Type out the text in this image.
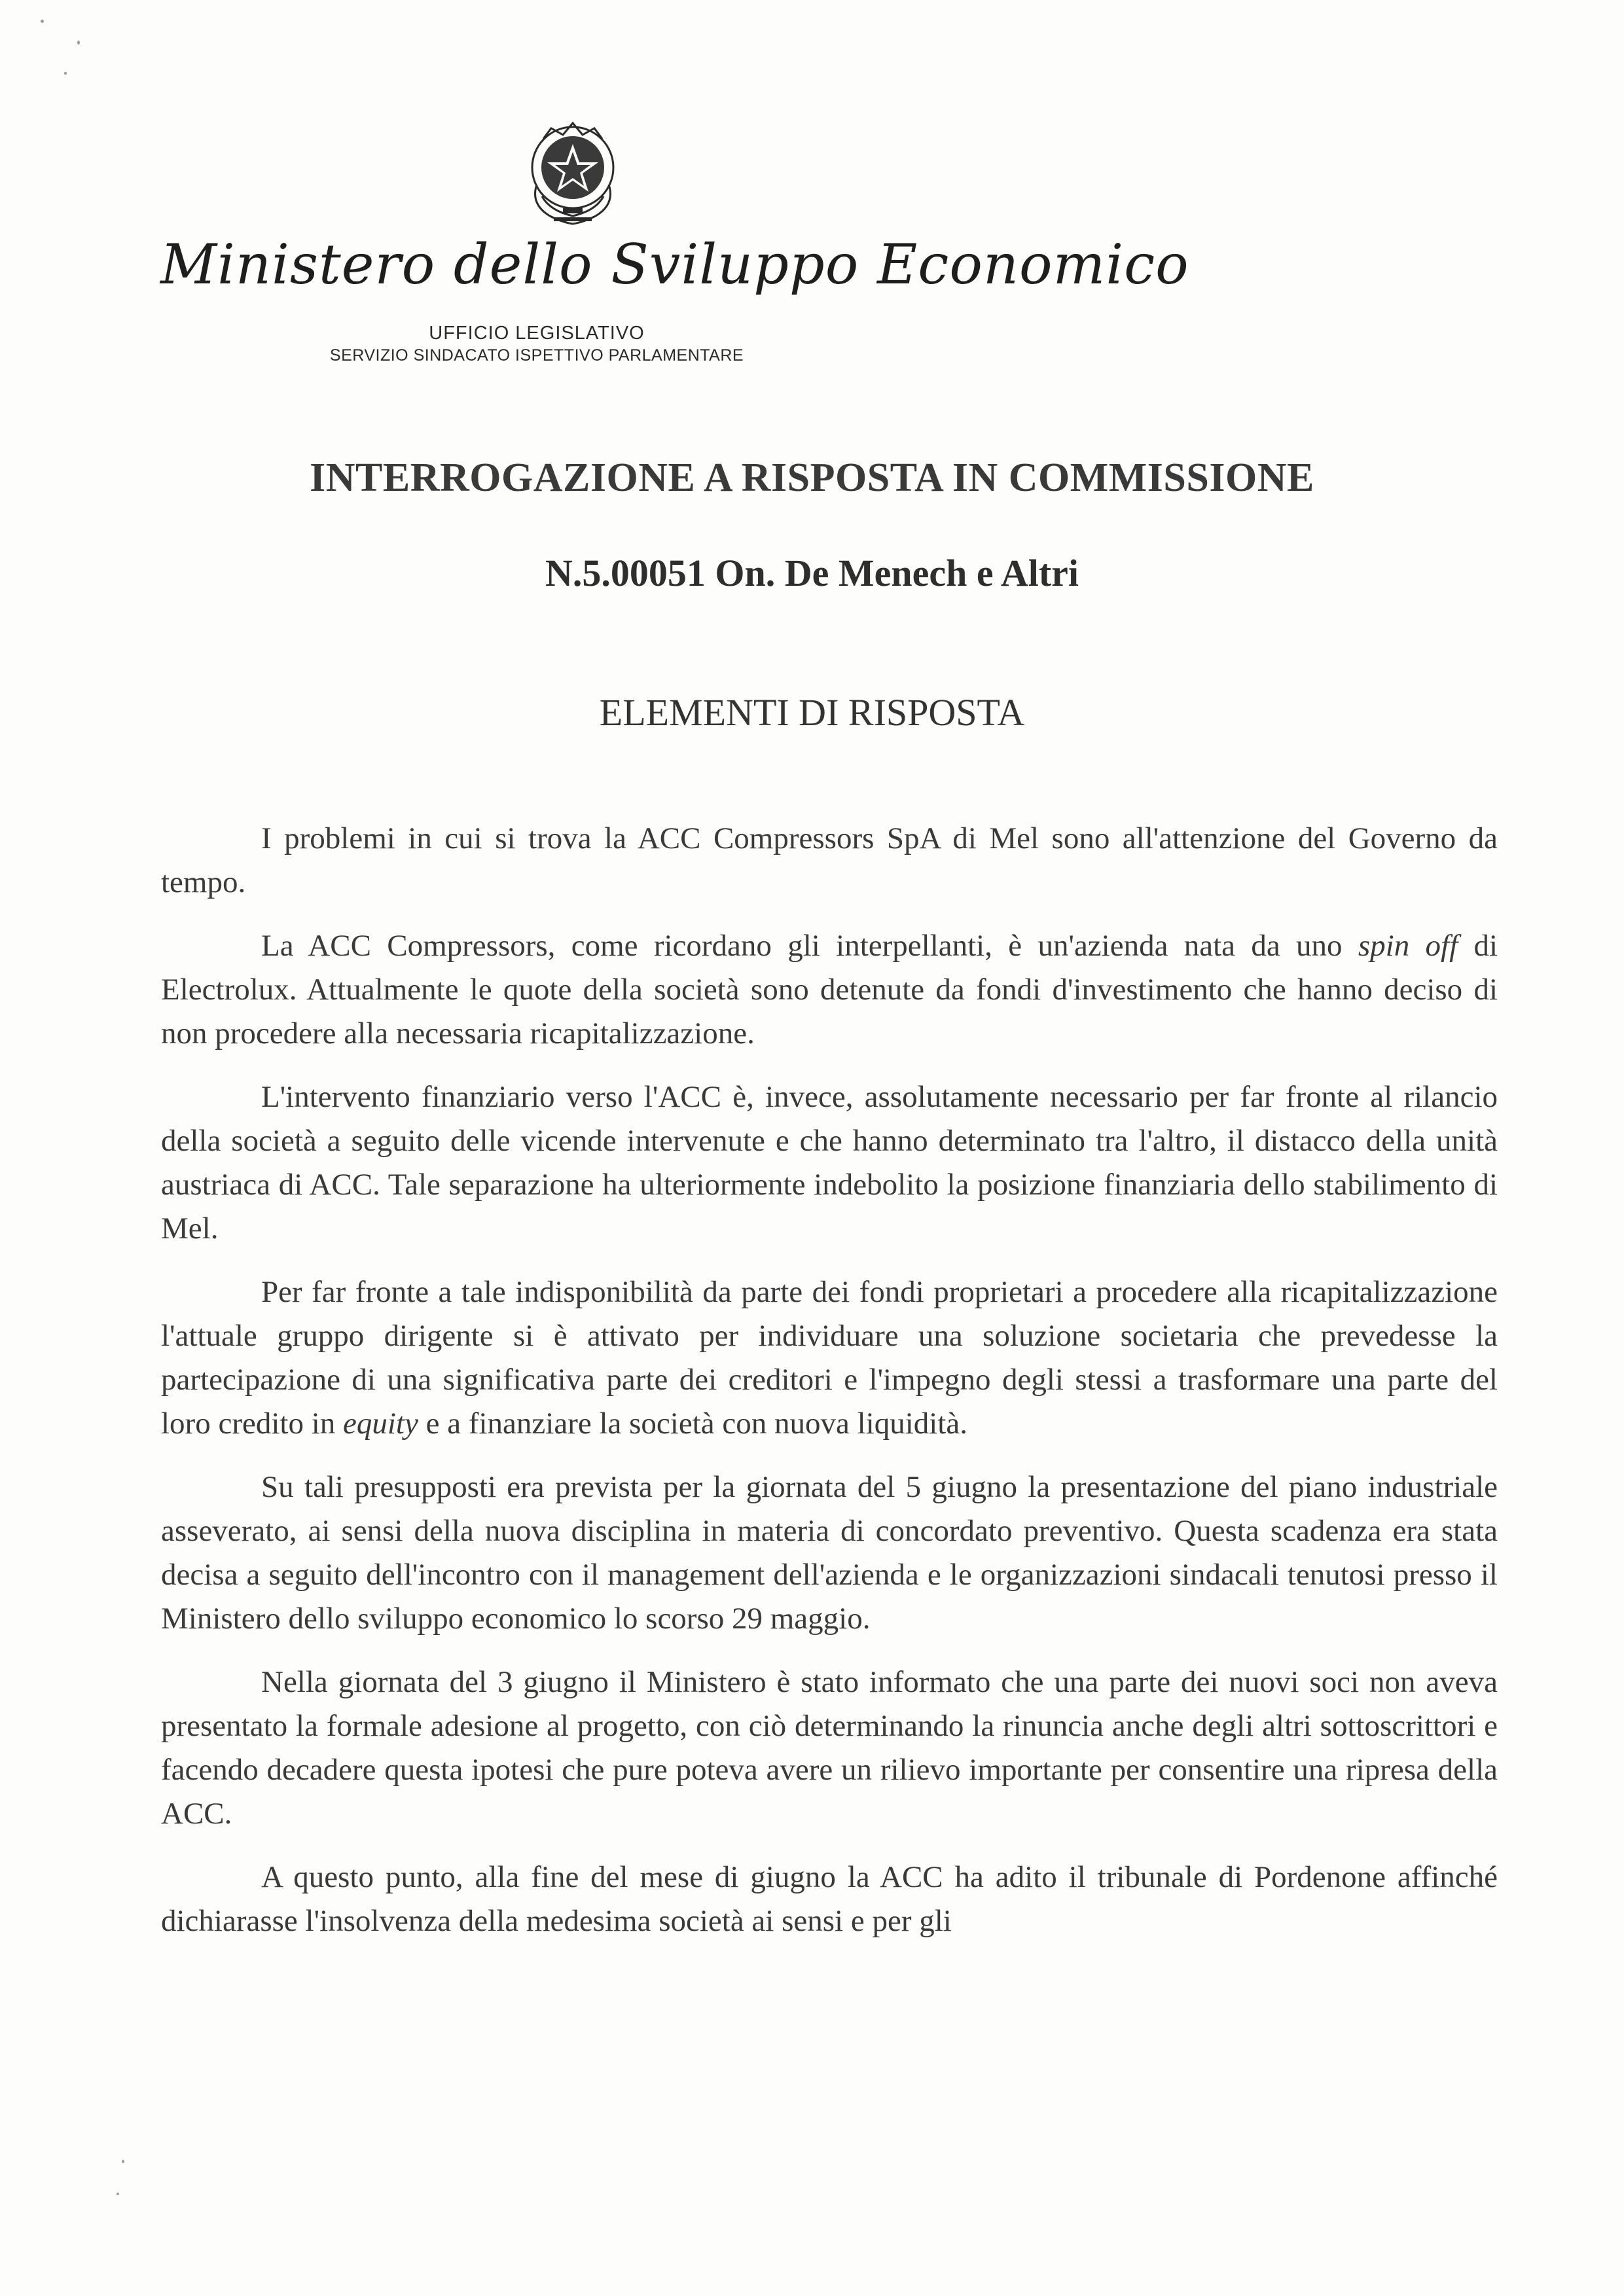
Ministero dello Sviluppo Economico
UFFICIO LEGISLATIVO
SERVIZIO SINDACATO ISPETTIVO PARLAMENTARE
INTERROGAZIONE A RISPOSTA IN COMMISSIONE
N.5.00051 On. De Menech e Altri
ELEMENTI DI RISPOSTA

I problemi in cui si trova la ACC Compressors SpA di Mel sono all'attenzione del Governo da tempo.

La ACC Compressors, come ricordano gli interpellanti, è un'azienda nata da uno spin off di Electrolux. Attualmente le quote della società sono detenute da fondi d'investimento che hanno deciso di non procedere alla necessaria ricapitalizzazione.

L'intervento finanziario verso l'ACC è, invece, assolutamente necessario per far fronte al rilancio della società a seguito delle vicende intervenute e che hanno determinato tra l'altro, il distacco della unità austriaca di ACC. Tale separazione ha ulteriormente indebolito la posizione finanziaria dello stabilimento di Mel.

Per far fronte a tale indisponibilità da parte dei fondi proprietari a procedere alla ricapitalizzazione l'attuale gruppo dirigente si è attivato per individuare una soluzione societaria che prevedesse la partecipazione di una significativa parte dei creditori e l'impegno degli stessi a trasformare una parte del loro credito in equity e a finanziare la società con nuova liquidità.

Su tali presupposti era prevista per la giornata del 5 giugno la presentazione del piano industriale asseverato, ai sensi della nuova disciplina in materia di concordato preventivo. Questa scadenza era stata decisa a seguito dell'incontro con il management dell'azienda e le organizzazioni sindacali tenutosi presso il Ministero dello sviluppo economico lo scorso 29 maggio.

Nella giornata del 3 giugno il Ministero è stato informato che una parte dei nuovi soci non aveva presentato la formale adesione al progetto, con ciò determinando la rinuncia anche degli altri sottoscrittori e facendo decadere questa ipotesi che pure poteva avere un rilievo importante per consentire una ripresa della ACC.

A questo punto, alla fine del mese di giugno la ACC ha adito il tribunale di Pordenone affinché dichiarasse l'insolvenza della medesima società ai sensi e per gli
